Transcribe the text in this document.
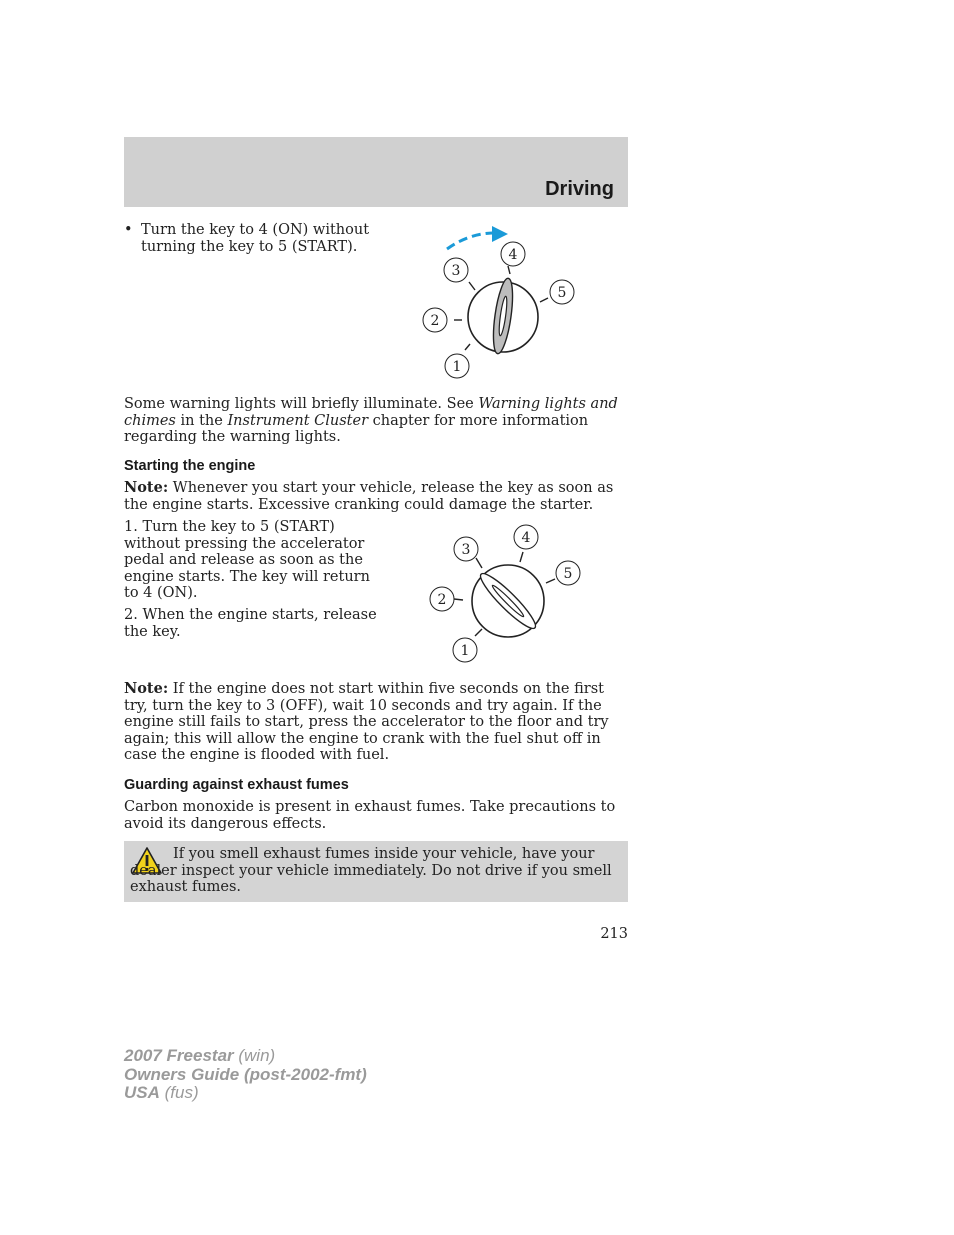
Driving
• Turn the key to 4 (ON) without turning the key to 5 (START).

1
2
3
4
5

Some warning lights will briefly illuminate. See Warning lights and chimes in the Instrument Cluster chapter for more information regarding the warning lights.

Starting the engine

Note: Whenever you start your vehicle, release the key as soon as the engine starts. Excessive cranking could damage the starter.

1. Turn the key to 5 (START) without pressing the accelerator pedal and release as soon as the engine starts. The key will return to 4 (ON).

2. When the engine starts, release the key.

1
2
3
4
5

Note: If the engine does not start within five seconds on the first try, turn the key to 3 (OFF), wait 10 seconds and try again. If the engine still fails to start, press the accelerator to the floor and try again; this will allow the engine to crank with the fuel shut off in case the engine is flooded with fuel.

Guarding against exhaust fumes

Carbon monoxide is present in exhaust fumes. Take precautions to avoid its dangerous effects.

If you smell exhaust fumes inside your vehicle, have your dealer inspect your vehicle immediately. Do not drive if you smell exhaust fumes.

213
2007 Freestar (win)
Owners Guide (post-2002-fmt)
USA (fus)
